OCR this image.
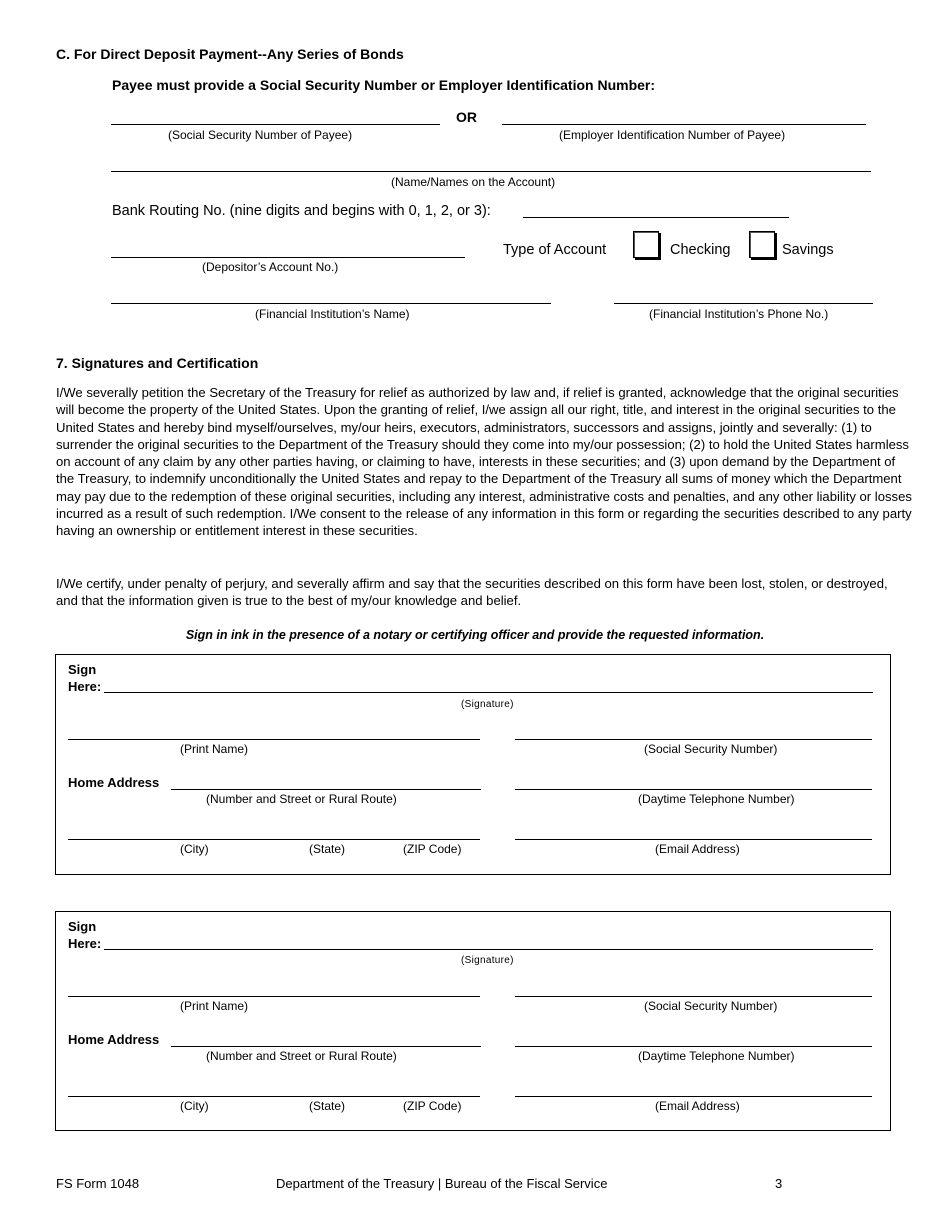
C. For Direct Deposit Payment--Any Series of Bonds
Payee must provide a Social Security Number or Employer Identification Number:
OR
(Social Security Number of Payee)	(Employer Identification Number of Payee)
(Name/Names on the Account)
Bank Routing No. (nine digits and begins with 0, 1, 2, or 3):
(Depositor’s Account No.)
Type of Account	Checking	Savings
(Financial Institution’s Name)	(Financial Institution’s Phone No.)
7. Signatures and Certification

I/We severally petition the Secretary of the Treasury for relief as authorized by law and, if relief is granted, acknowledge that the original securities will become the property of the United States. Upon the granting of relief, I/we assign all our right, title, and interest in the original securities to the United States and hereby bind myself/ourselves, my/our heirs, executors, administrators, successors and assigns, jointly and severally: (1) to surrender the original securities to the Department of the Treasury should they come into my/our possession; (2) to hold the United States harmless on account of any claim by any other parties having, or claiming to have, interests in these securities; and (3) upon demand by the Department of the Treasury, to indemnify unconditionally the United States and repay to the Department of the Treasury all sums of money which the Department may pay due to the redemption of these original securities, including any interest, administrative costs and penalties, and any other liability or losses incurred as a result of such redemption. I/We consent to the release of any information in this form or regarding the securities described to any party having an ownership or entitlement interest in these securities.

I/We certify, under penalty of perjury, and severally affirm and say that the securities described on this form have been lost, stolen, or destroyed, and that the information given is true to the best of my/our knowledge and belief.

Sign in ink in the presence of a notary or certifying officer and provide the requested information.
Sign
Here:
(Signature)
(Print Name)	(Social Security Number)
Home Address
(Number and Street or Rural Route)	(Daytime Telephone Number)
(City)	(State)	(ZIP Code)	(Email Address)
Sign
Here:
(Signature)
(Print Name)	(Social Security Number)
Home Address
(Number and Street or Rural Route)	(Daytime Telephone Number)
(City)	(State)	(ZIP Code)	(Email Address)
FS Form 1048	Department of the Treasury | Bureau of the Fiscal Service	3
